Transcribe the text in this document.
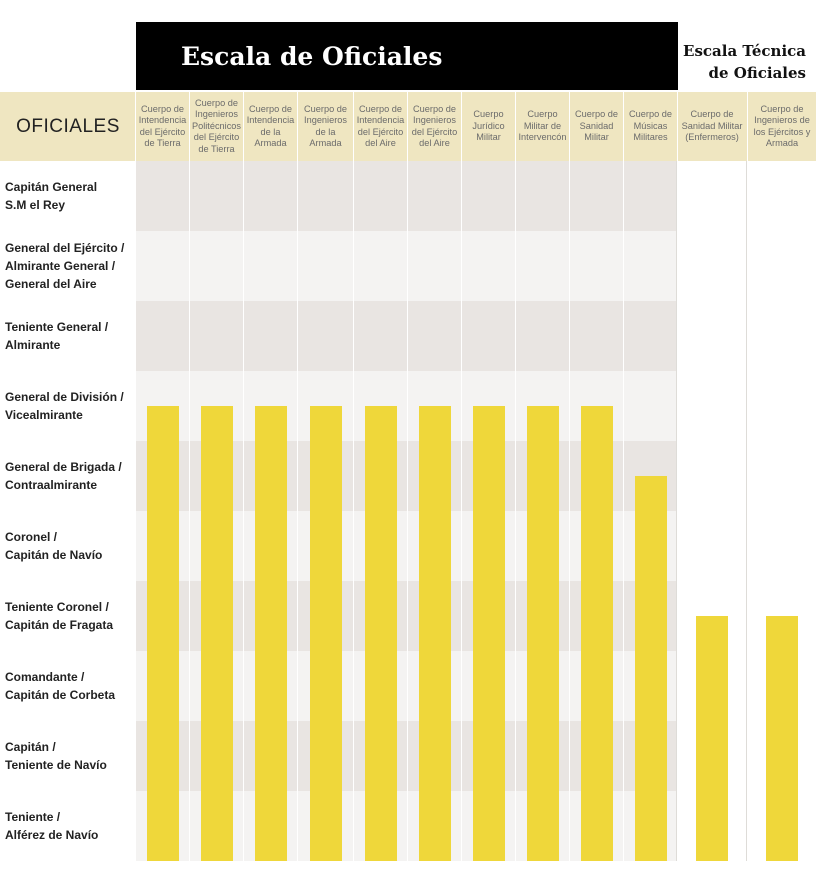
Escala de Oficiales	Escala Técnica de Oficiales
OFICIALES
Cuerpo de Intendencia del Ejército de Tierra
Cuerpo de Ingenieros Politécnicos del Ejército de Tierra
Cuerpo de Intendencia de la Armada
Cuerpo de Ingenieros de la Armada
Cuerpo de Intendencia del Ejército del Aire
Cuerpo de Ingenieros del Ejército del Aire
Cuerpo Jurídico Militar
Cuerpo Militar de Intervencón
Cuerpo de Sanidad Militar
Cuerpo de Músicas Militares
Cuerpo de Sanidad Militar (Enfermeros)
Cuerpo de Ingenieros de los Ejércitos y Armada
Capitán General
S.M el Rey
General del Ejército /
Almirante General /
General del Aire
Teniente General /
Almirante
General de División /
Vicealmirante
General de Brigada /
Contraalmirante
Coronel /
Capitán de Navío
Teniente Coronel /
Capitán de Fragata
Comandante /
Capitán de Corbeta
Capitán /
Teniente de Navío
Teniente /
Alférez de Navío
